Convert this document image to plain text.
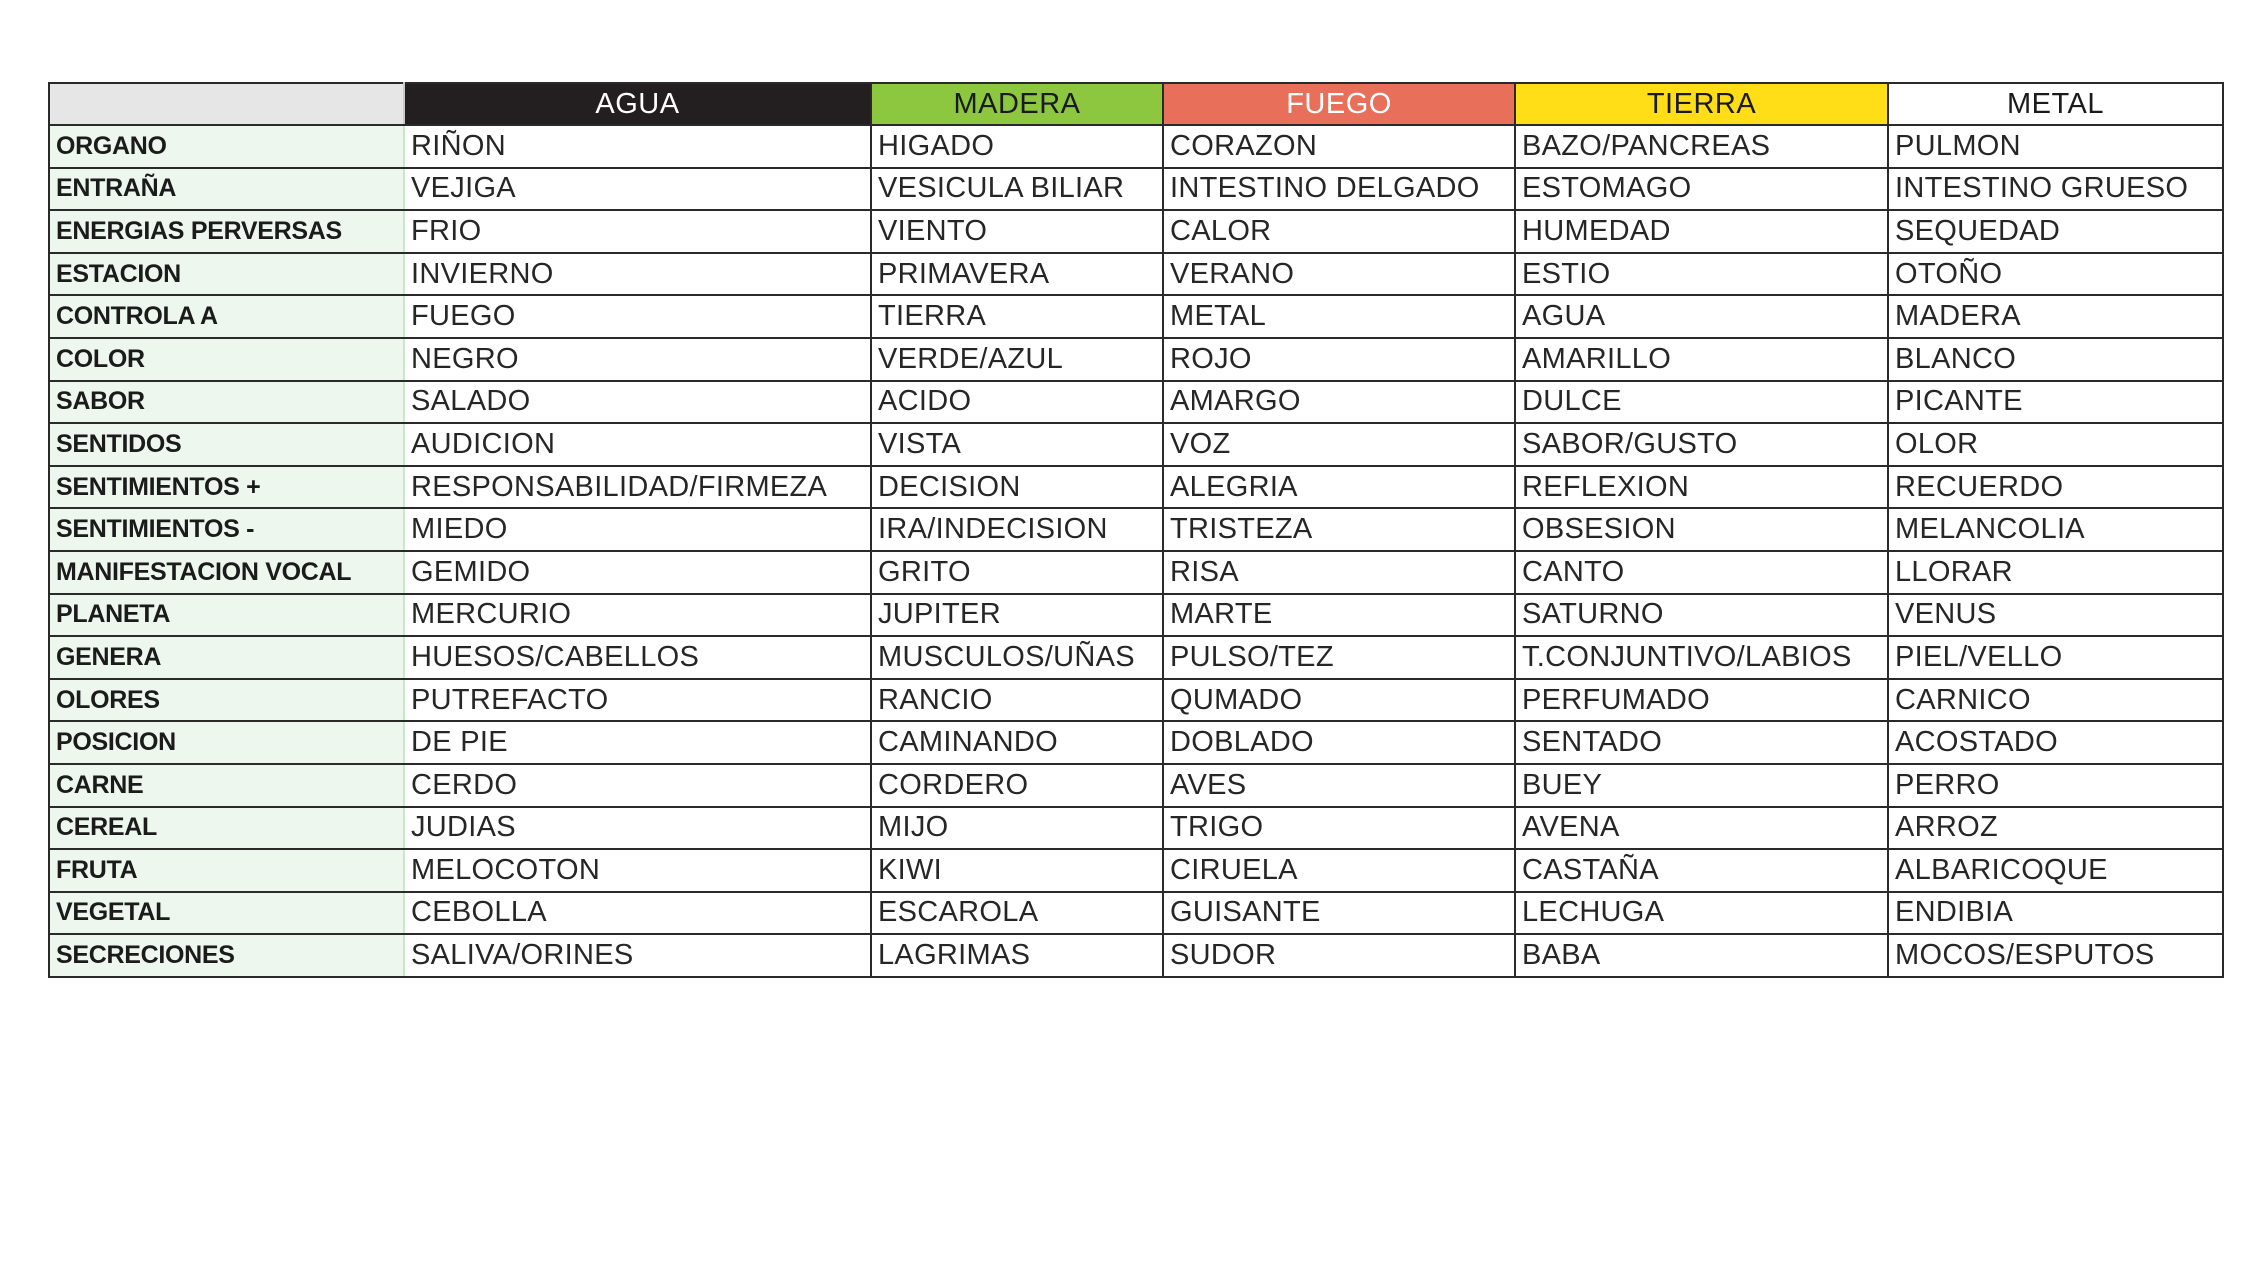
	AGUA	MADERA	FUEGO	TIERRA	METAL
ORGANO	RIÑON	HIGADO	CORAZON	BAZO/PANCREAS	PULMON
ENTRAÑA	VEJIGA	VESICULA BILIAR	INTESTINO DELGADO	ESTOMAGO	INTESTINO GRUESO
ENERGIAS PERVERSAS	FRIO	VIENTO	CALOR	HUMEDAD	SEQUEDAD
ESTACION	INVIERNO	PRIMAVERA	VERANO	ESTIO	OTOÑO
CONTROLA A	FUEGO	TIERRA	METAL	AGUA	MADERA
COLOR	NEGRO	VERDE/AZUL	ROJO	AMARILLO	BLANCO
SABOR	SALADO	ACIDO	AMARGO	DULCE	PICANTE
SENTIDOS	AUDICION	VISTA	VOZ	SABOR/GUSTO	OLOR
SENTIMIENTOS +	RESPONSABILIDAD/FIRMEZA	DECISION	ALEGRIA	REFLEXION	RECUERDO
SENTIMIENTOS -	MIEDO	IRA/INDECISION	TRISTEZA	OBSESION	MELANCOLIA
MANIFESTACION VOCAL	GEMIDO	GRITO	RISA	CANTO	LLORAR
PLANETA	MERCURIO	JUPITER	MARTE	SATURNO	VENUS
GENERA	HUESOS/CABELLOS	MUSCULOS/UÑAS	PULSO/TEZ	T.CONJUNTIVO/LABIOS	PIEL/VELLO
OLORES	PUTREFACTO	RANCIO	QUMADO	PERFUMADO	CARNICO
POSICION	DE PIE	CAMINANDO	DOBLADO	SENTADO	ACOSTADO
CARNE	CERDO	CORDERO	AVES	BUEY	PERRO
CEREAL	JUDIAS	MIJO	TRIGO	AVENA	ARROZ
FRUTA	MELOCOTON	KIWI	CIRUELA	CASTAÑA	ALBARICOQUE
VEGETAL	CEBOLLA	ESCAROLA	GUISANTE	LECHUGA	ENDIBIA
SECRECIONES	SALIVA/ORINES	LAGRIMAS	SUDOR	BABA	MOCOS/ESPUTOS
